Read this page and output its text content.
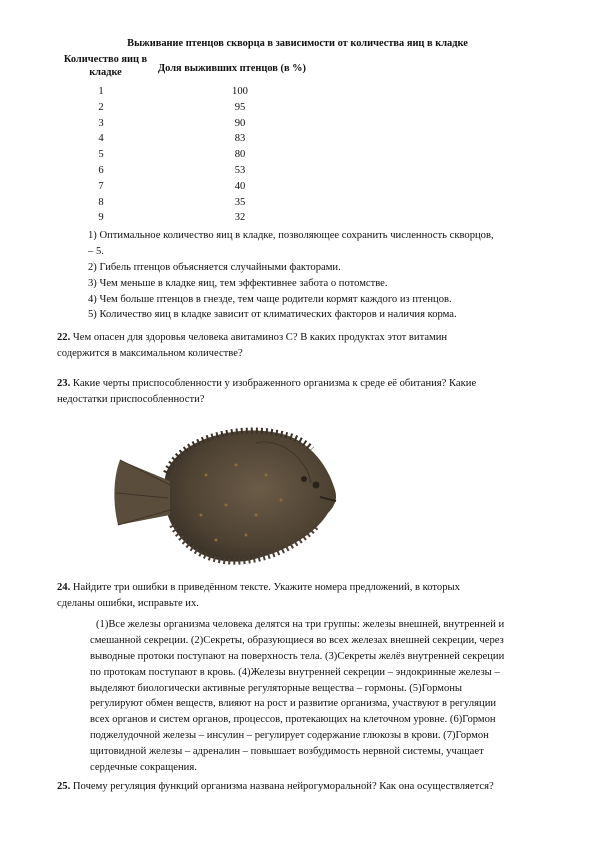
Выживание птенцов скворца в зависимости от количества яиц в кладке
Количество яиц в
кладке	Доля выживших птенцов (в %)
1	100
2	95
3	90
4	83
5	80
6	53
7	40
8	35
9	32
1) Оптимальное количество яиц в кладке, позволяющее сохранить численность скворцов,
– 5.
2) Гибель птенцов объясняется случайными факторами.
3) Чем меньше в кладке яиц, тем эффективнее забота о потомстве.
4) Чем больше птенцов в гнезде, тем чаще родители кормят каждого из птенцов.
5) Количество яиц в кладке зависит от климатических факторов и наличия корма.
22. Чем опасен для здоровья человека авитаминоз С? В каких продуктах этот витамин
содержится в максимальном количестве?
23. Какие черты приспособленности у изображенного организма к среде её обитания? Какие
недостатки приспособленности?
24. Найдите три ошибки в приведённом тексте. Укажите номера предложений, в которых
сделаны ошибки, исправьте их.
(1)Все железы организма человека делятся на три группы: железы внешней, внутренней и
смешанной секреции. (2)Секреты, образующиеся во всех железах внешней секреции, через
выводные протоки поступают на поверхность тела. (3)Секреты желёз внутренней секреции
по протокам поступают в кровь. (4)Железы внутренней секреции – эндокринные железы –
выделяют биологически активные регуляторные вещества – гормоны. (5)Гормоны
регулируют обмен веществ, влияют на рост и развитие организма, участвуют в регуляции
всех органов и систем органов, процессов, протекающих на клеточном уровне. (6)Гормон
поджелудочной железы – инсулин – регулирует содержание глюкозы в крови. (7)Гормон
щитовидной железы – адреналин – повышает возбудимость нервной системы, учащает
сердечные сокращения.
25. Почему регуляция функций организма названа нейрогуморальной? Как она осуществляется?
